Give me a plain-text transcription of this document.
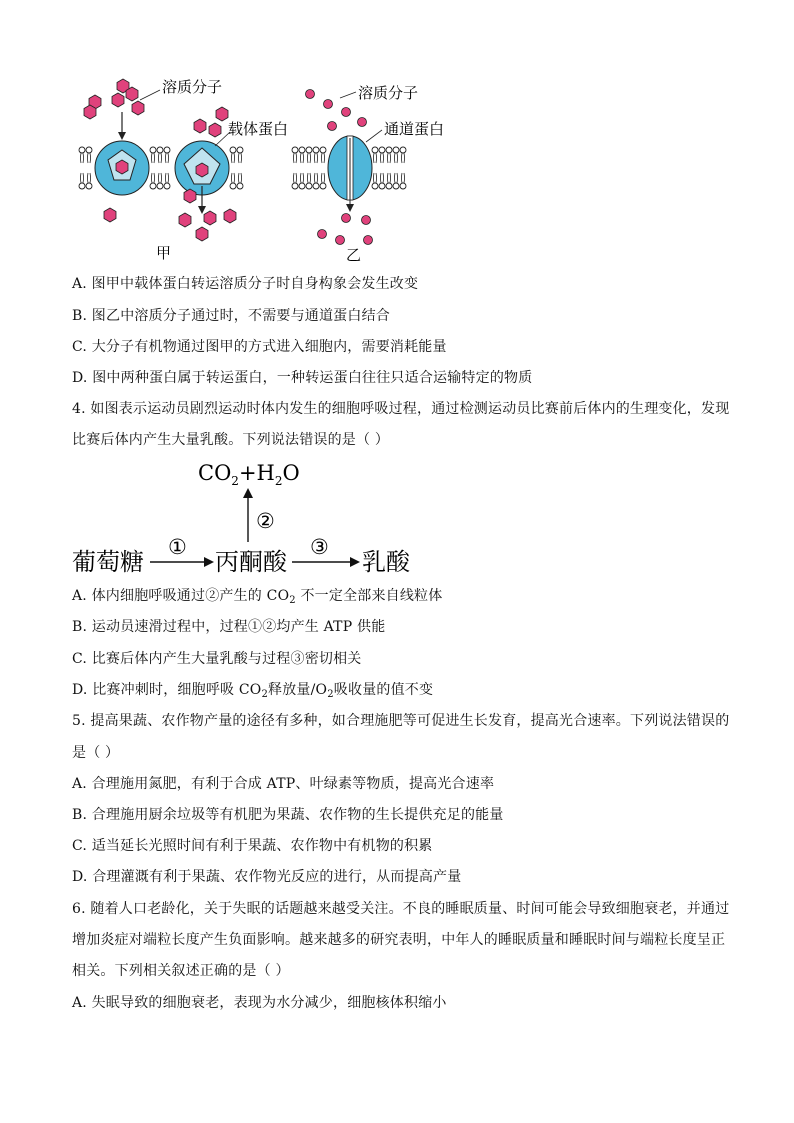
溶质分子
载体蛋白
甲
溶质分子
通道蛋白
乙
A. 图甲中载体蛋白转运溶质分子时自身构象会发生改变
B. 图乙中溶质分子通过时，不需要与通道蛋白结合
C. 大分子有机物通过图甲的方式进入细胞内，需要消耗能量
D. 图中两种蛋白属于转运蛋白，一种转运蛋白往往只适合运输特定的物质
4. 如图表示运动员剧烈运动时体内发生的细胞呼吸过程，通过检测运动员比赛前后体内的生理变化，发现
比赛后体内产生大量乳酸。下列说法错误的是（ ）
$CO_2+H_2O$
②
葡萄糖
①
丙酮酸
③
乳酸
A. 体内细胞呼吸通过②产生的 $CO_2$ 不一定全部来自线粒体
B. 运动员速滑过程中，过程①②均产生 ATP 供能
C. 比赛后体内产生大量乳酸与过程③密切相关
D. 比赛冲刺时，细胞呼吸 $CO_2$释放量$/O_2$吸收量的值不变
5. 提高果蔬、农作物产量的途径有多种，如合理施肥等可促进生长发育，提高光合速率。下列说法错误的
是（ ）
A. 合理施用氮肥，有利于合成 ATP、叶绿素等物质，提高光合速率
B. 合理施用厨余垃圾等有机肥为果蔬、农作物的生长提供充足的能量
C. 适当延长光照时间有利于果蔬、农作物中有机物的积累
D. 合理灌溉有利于果蔬、农作物光反应的进行，从而提高产量
6. 随着人口老龄化，关于失眠的话题越来越受关注。不良的睡眠质量、时间可能会导致细胞衰老，并通过
增加炎症对端粒长度产生负面影响。越来越多的研究表明，中年人的睡眠质量和睡眠时间与端粒长度呈正
相关。下列相关叙述正确的是（ ）
A. 失眠导致的细胞衰老，表现为水分减少，细胞核体积缩小
